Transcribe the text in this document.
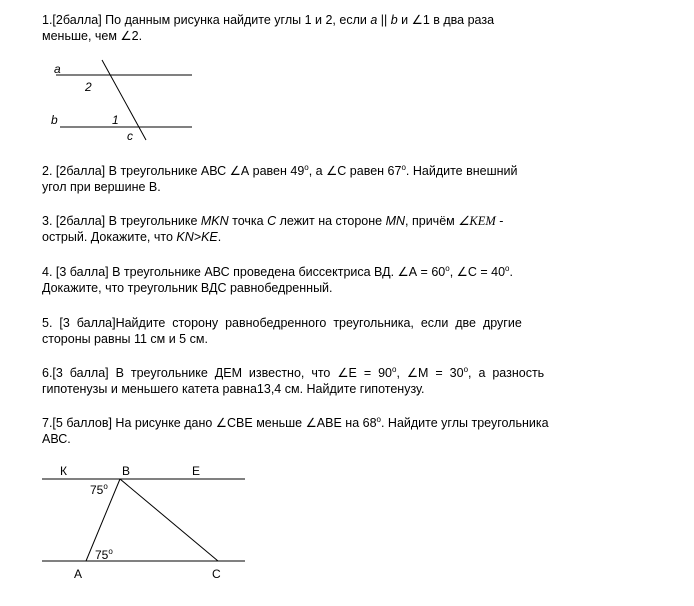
1.[2балла] По данным рисунка найдите углы 1 и 2, если a || b и ∠1 в два раза
меньше, чем ∠2.
a
2
b	1
c
2. [2балла] В треугольнике АВС ∠А равен 49$^o$, а ∠С равен 67$^o$. Найдите внешний
угол при вершине В.
3. [2балла] В треугольнике MKN точка C лежит на стороне MN, причём ∠KEM -
острый. Докажите, что KN>KE.
4. [3 балла] В треугольнике АВС проведена биссектриса ВД. ∠А = $60^o$, ∠С = $40^o$.
Докажите, что треугольник ВДС равнобедренный.
5.  [3  балла]Найдите  сторону  равнобедренного  треугольника,  если  две  другие
стороны равны 11 см и 5 см.
6.[3  балла]  В  треугольнике  ДЕМ  известно,  что  ∠Е  =  90$^o$,  ∠М  =  30$^o$,  а  разность
гипотенузы и меньшего катета равна13,4 см. Найдите гипотенузу.
7.[5 баллов] На рисунке дано ∠СВЕ меньше ∠АВЕ на 68$^o$. Найдите углы треугольника
АВС.
К	В	Е
75$^o$
75$^o$
А	С
